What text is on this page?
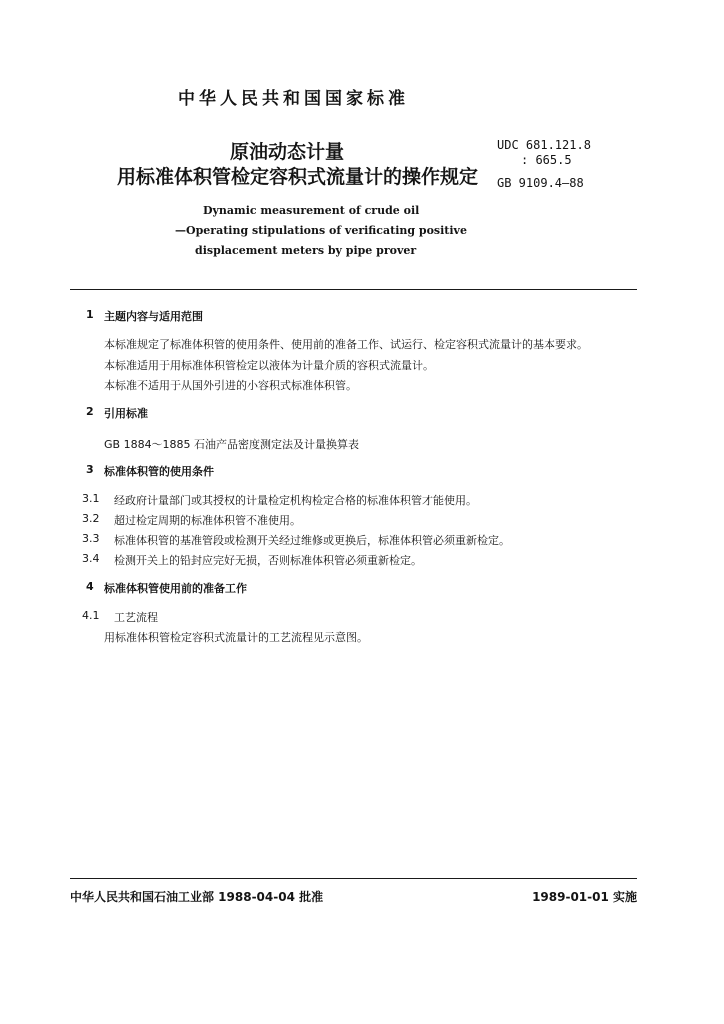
中华人民共和国国家标准
原油动态计量
用标准体积管检定容积式流量计的操作规定
UDC 681.121.8
: 665.5
GB 9109.4—88
Dynamic measurement of crude oil
—Operating stipulations of verificating positive
displacement meters by pipe prover
1 主题内容与适用范围
本标准规定了标准体积管的使用条件、使用前的准备工作、试运行、检定容积式流量计的基本要求。
本标准适用于用标准体积管检定以液体为计量介质的容积式流量计。
本标准不适用于从国外引进的小容积式标准体积管。
2 引用标准
GB 1884～1885 石油产品密度测定法及计量换算表
3 标准体积管的使用条件
3.1 经政府计量部门或其授权的计量检定机构检定合格的标准体积管才能使用。
3.2 超过检定周期的标准体积管不准使用。
3.3 标准体积管的基准管段或检测开关经过维修或更换后，标准体积管必须重新检定。
3.4 检测开关上的铅封应完好无损，否则标准体积管必须重新检定。
4 标准体积管使用前的准备工作
4.1 工艺流程
用标准体积管检定容积式流量计的工艺流程见示意图。
中华人民共和国石油工业部 1988-04-04 批准	1989-01-01 实施
